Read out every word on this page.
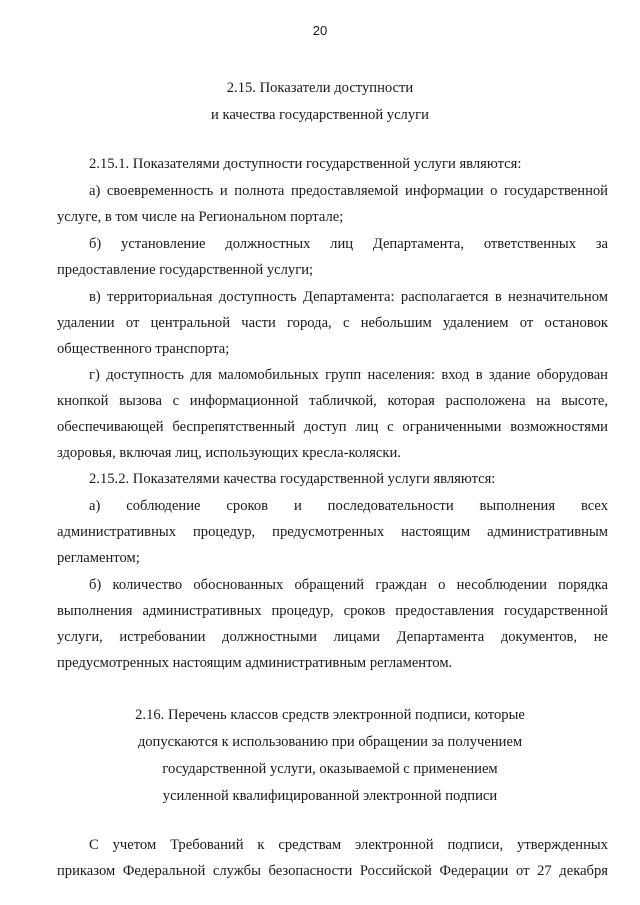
20
2.15. Показатели доступности
и качества государственной услуги
2.15.1. Показателями доступности государственной услуги являются:
а) своевременность и полнота предоставляемой информации о государственной
услуге, в том числе на Региональном портале;
б) установление должностных лиц Департамента, ответственных за
предоставление государственной услуги;
в) территориальная доступность Департамента: располагается в незначительном
удалении от центральной части города, с небольшим удалением от остановок
общественного транспорта;
г) доступность для маломобильных групп населения: вход в здание оборудован
кнопкой вызова с информационной табличкой, которая расположена на высоте,
обеспечивающей беспрепятственный доступ лиц с ограниченными возможностями
здоровья, включая лиц, использующих кресла-коляски.
2.15.2. Показателями качества государственной услуги являются:
а) соблюдение сроков и последовательности выполнения всех
административных процедур, предусмотренных настоящим административным
регламентом;
б) количество обоснованных обращений граждан о несоблюдении порядка
выполнения административных процедур, сроков предоставления государственной
услуги, истребовании должностными лицами Департамента документов, не
предусмотренных настоящим административным регламентом.
2.16. Перечень классов средств электронной подписи, которые
допускаются к использованию при обращении за получением
государственной услуги, оказываемой с применением
усиленной квалифицированной электронной подписи
С учетом Требований к средствам электронной подписи, утвержденных
приказом Федеральной службы безопасности Российской Федерации от 27 декабря
